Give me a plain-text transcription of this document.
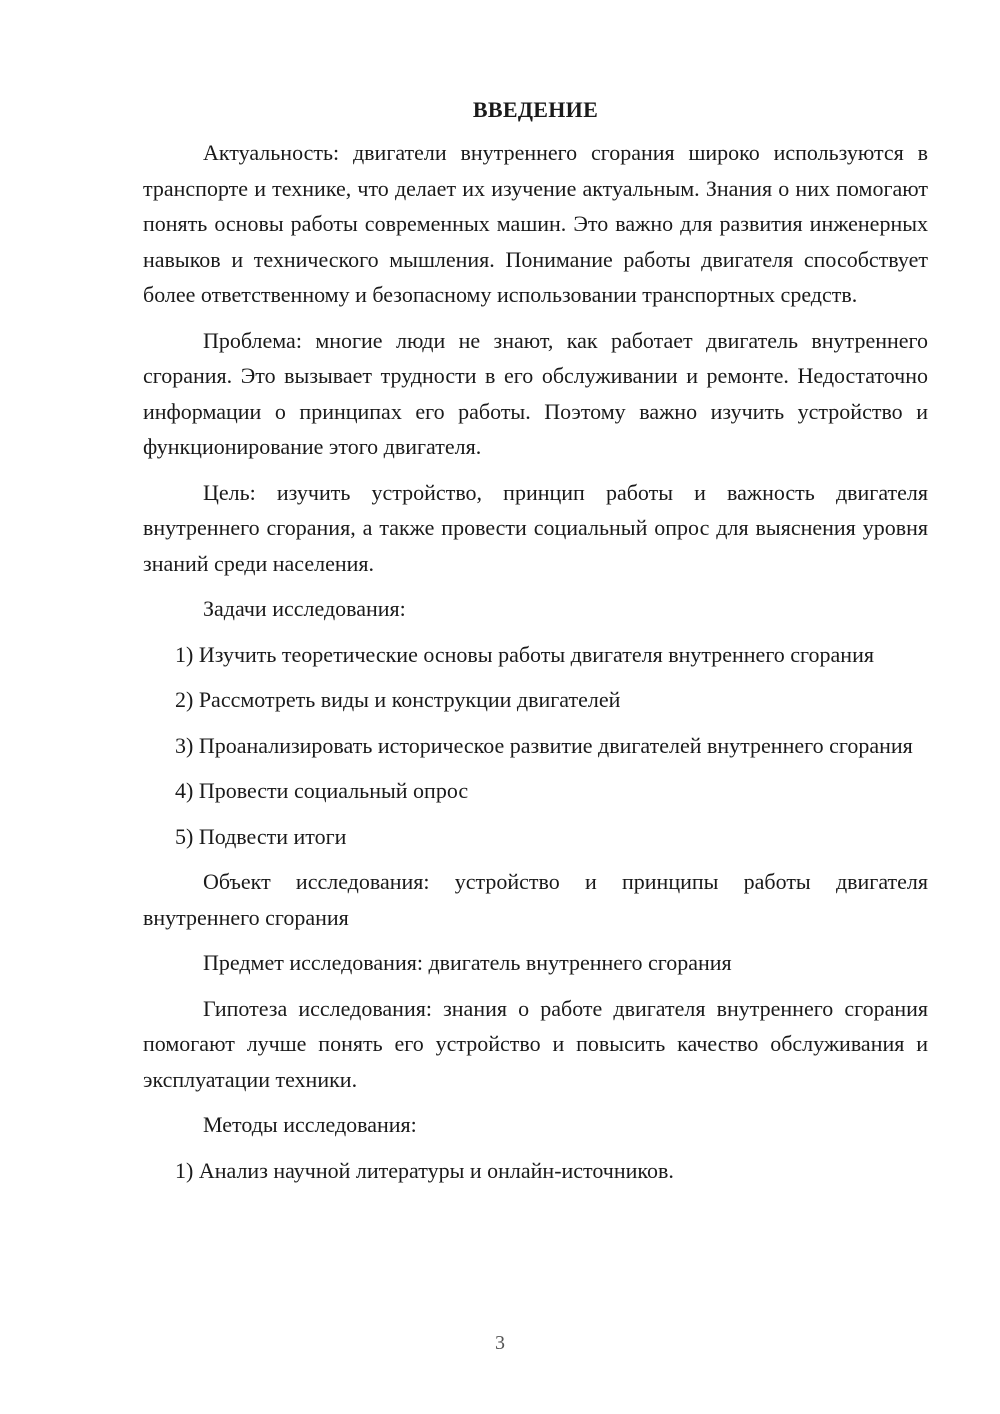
ВВЕДЕНИЕ

Актуальность: двигатели внутреннего сгорания широко используются в транспорте и технике, что делает их изучение актуальным. Знания о них помогают понять основы работы современных машин. Это важно для развития инженерных навыков и технического мышления. Понимание работы двигателя способствует более ответственному и безопасному использовании транспортных средств.

Проблема: многие люди не знают, как работает двигатель внутреннего сгорания. Это вызывает трудности в его обслуживании и ремонте. Недостаточно информации о принципах его работы. Поэтому важно изучить устройство и функционирование этого двигателя.

Цель: изучить устройство, принцип работы и важность двигателя внутреннего сгорания, а также провести социальный опрос для выяснения уровня знаний среди населения.

Задачи исследования:

1) Изучить теоретические основы работы двигателя внутреннего сгорания

2) Рассмотреть виды и конструкции двигателей

3) Проанализировать историческое развитие двигателей внутреннего сгорания

4) Провести социальный опрос

5) Подвести итоги

Объект исследования: устройство и принципы работы двигателя внутреннего сгорания

Предмет исследования: двигатель внутреннего сгорания

Гипотеза исследования: знания о работе двигателя внутреннего сгорания помогают лучше понять его устройство и повысить качество обслуживания и эксплуатации техники.

Методы исследования:

1) Анализ научной литературы и онлайн-источников.

3
